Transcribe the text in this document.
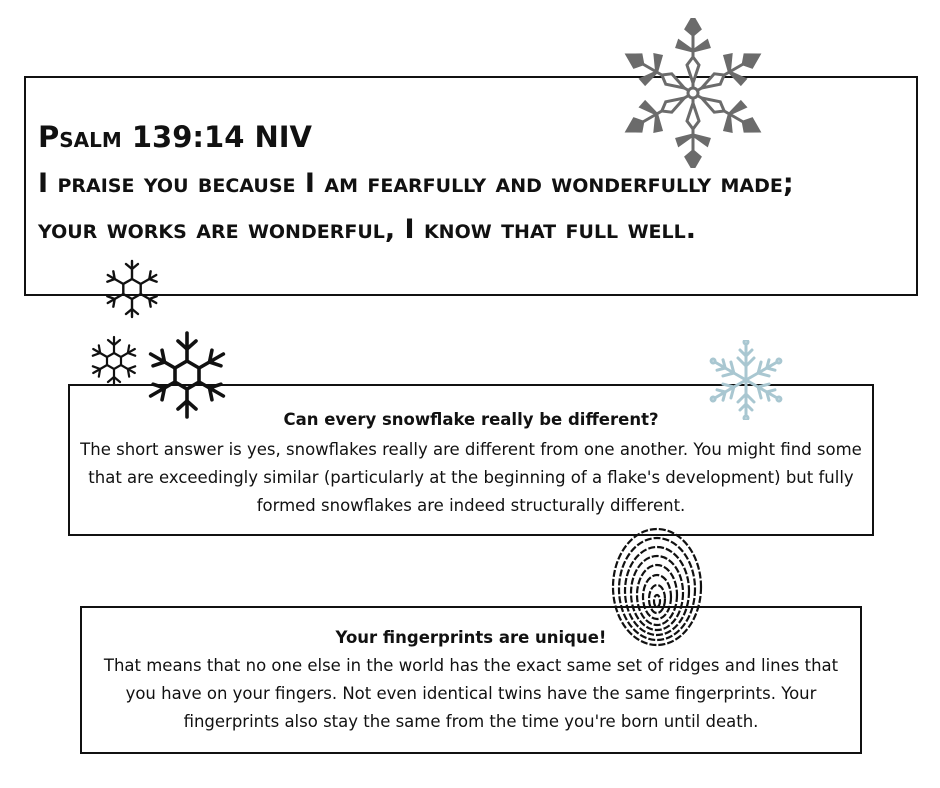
Psalm 139:14 NIV
I praise you because I am fearfully and wonderfully made;
your works are wonderful, I know that full well.
Can every snowflake really be different?
The short answer is yes, snowflakes really are different from one another. You might find some that are exceedingly similar (particularly at the beginning of a flake's development) but fully formed snowflakes are indeed structurally different.
Your fingerprints are unique!
That means that no one else in the world has the exact same set of ridges and lines that you have on your fingers. Not even identical twins have the same fingerprints. Your fingerprints also stay the same from the time you're born until death.
